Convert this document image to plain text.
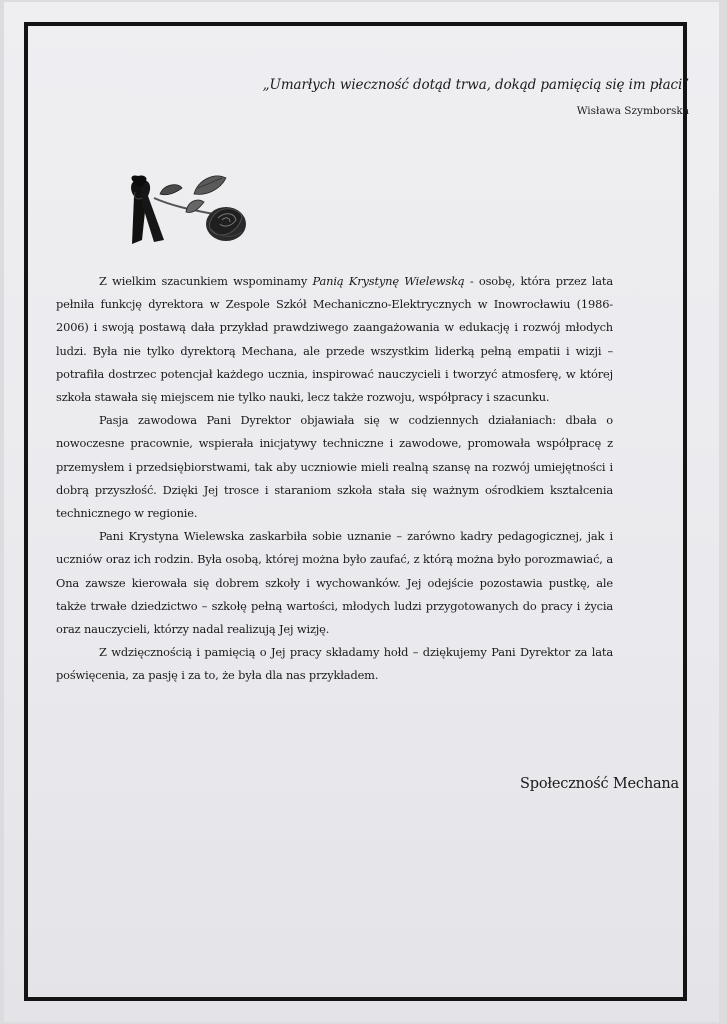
„Umarłych wieczność dotąd trwa, dokąd pamięcią się im płaci”
Wisława Szymborska

Z wielkim szacunkiem wspominamy Panią Krystynę Wielewską - osobę, która przez lata pełniła funkcję dyrektora w Zespole Szkół Mechaniczno-Elektrycznych w Inowrocławiu (1986-2006) i swoją postawą dała przykład prawdziwego zaangażowania w edukację i rozwój młodych ludzi. Była nie tylko dyrektorą Mechana, ale przede wszystkim liderką pełną empatii i wizji – potrafiła dostrzec potencjał każdego ucznia, inspirować nauczycieli i tworzyć atmosferę, w której szkoła stawała się miejscem nie tylko nauki, lecz także rozwoju, współpracy i szacunku.

Pasja zawodowa Pani Dyrektor objawiała się w codziennych działaniach: dbała o nowoczesne pracownie, wspierała inicjatywy techniczne i zawodowe, promowała współpracę z przemysłem i przedsiębiorstwami, tak aby uczniowie mieli realną szansę na rozwój umiejętności i dobrą przyszłość. Dzięki Jej trosce i staraniom szkoła stała się ważnym ośrodkiem kształcenia technicznego w regionie.

Pani Krystyna Wielewska zaskarbiła sobie uznanie – zarówno kadry pedagogicznej, jak i uczniów oraz ich rodzin. Była osobą, której można było zaufać, z którą można było porozmawiać, a Ona zawsze kierowała się dobrem szkoły i wychowanków. Jej odejście pozostawia pustkę, ale także trwałe dziedzictwo – szkołę pełną wartości, młodych ludzi przygotowanych do pracy i życia oraz nauczycieli, którzy nadal realizują Jej wizję.

Z wdzięcznością i pamięcią o Jej pracy składamy hołd – dziękujemy Pani Dyrektor za lata poświęcenia, za pasję i za to, że była dla nas przykładem.

Społeczność Mechana
